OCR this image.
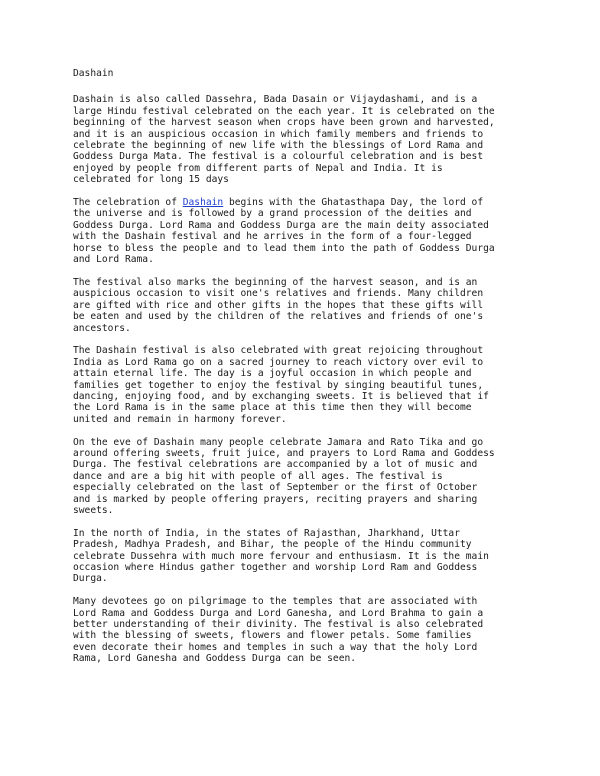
Dashain
Dashain is also called Dassehra, Bada Dasain or Vijaydashami, and is a
large Hindu festival celebrated on the each year. It is celebrated on the
beginning of the harvest season when crops have been grown and harvested,
and it is an auspicious occasion in which family members and friends to
celebrate the beginning of new life with the blessings of Lord Rama and
Goddess Durga Mata. The festival is a colourful celebration and is best
enjoyed by people from different parts of Nepal and India. It is
celebrated for long 15 days
The celebration of Dashain begins with the Ghatasthapa Day, the lord of
the universe and is followed by a grand procession of the deities and
Goddess Durga. Lord Rama and Goddess Durga are the main deity associated
with the Dashain festival and he arrives in the form of a four-legged
horse to bless the people and to lead them into the path of Goddess Durga
and Lord Rama.
The festival also marks the beginning of the harvest season, and is an
auspicious occasion to visit one's relatives and friends. Many children
are gifted with rice and other gifts in the hopes that these gifts will
be eaten and used by the children of the relatives and friends of one's
ancestors.
The Dashain festival is also celebrated with great rejoicing throughout
India as Lord Rama go on a sacred journey to reach victory over evil to
attain eternal life. The day is a joyful occasion in which people and
families get together to enjoy the festival by singing beautiful tunes,
dancing, enjoying food, and by exchanging sweets. It is believed that if
the Lord Rama is in the same place at this time then they will become
united and remain in harmony forever.
On the eve of Dashain many people celebrate Jamara and Rato Tika and go
around offering sweets, fruit juice, and prayers to Lord Rama and Goddess
Durga. The festival celebrations are accompanied by a lot of music and
dance and are a big hit with people of all ages. The festival is
especially celebrated on the last of September or the first of October
and is marked by people offering prayers, reciting prayers and sharing
sweets.
In the north of India, in the states of Rajasthan, Jharkhand, Uttar
Pradesh, Madhya Pradesh, and Bihar, the people of the Hindu community
celebrate Dussehra with much more fervour and enthusiasm. It is the main
occasion where Hindus gather together and worship Lord Ram and Goddess
Durga.
Many devotees go on pilgrimage to the temples that are associated with
Lord Rama and Goddess Durga and Lord Ganesha, and Lord Brahma to gain a
better understanding of their divinity. The festival is also celebrated
with the blessing of sweets, flowers and flower petals. Some families
even decorate their homes and temples in such a way that the holy Lord
Rama, Lord Ganesha and Goddess Durga can be seen.
